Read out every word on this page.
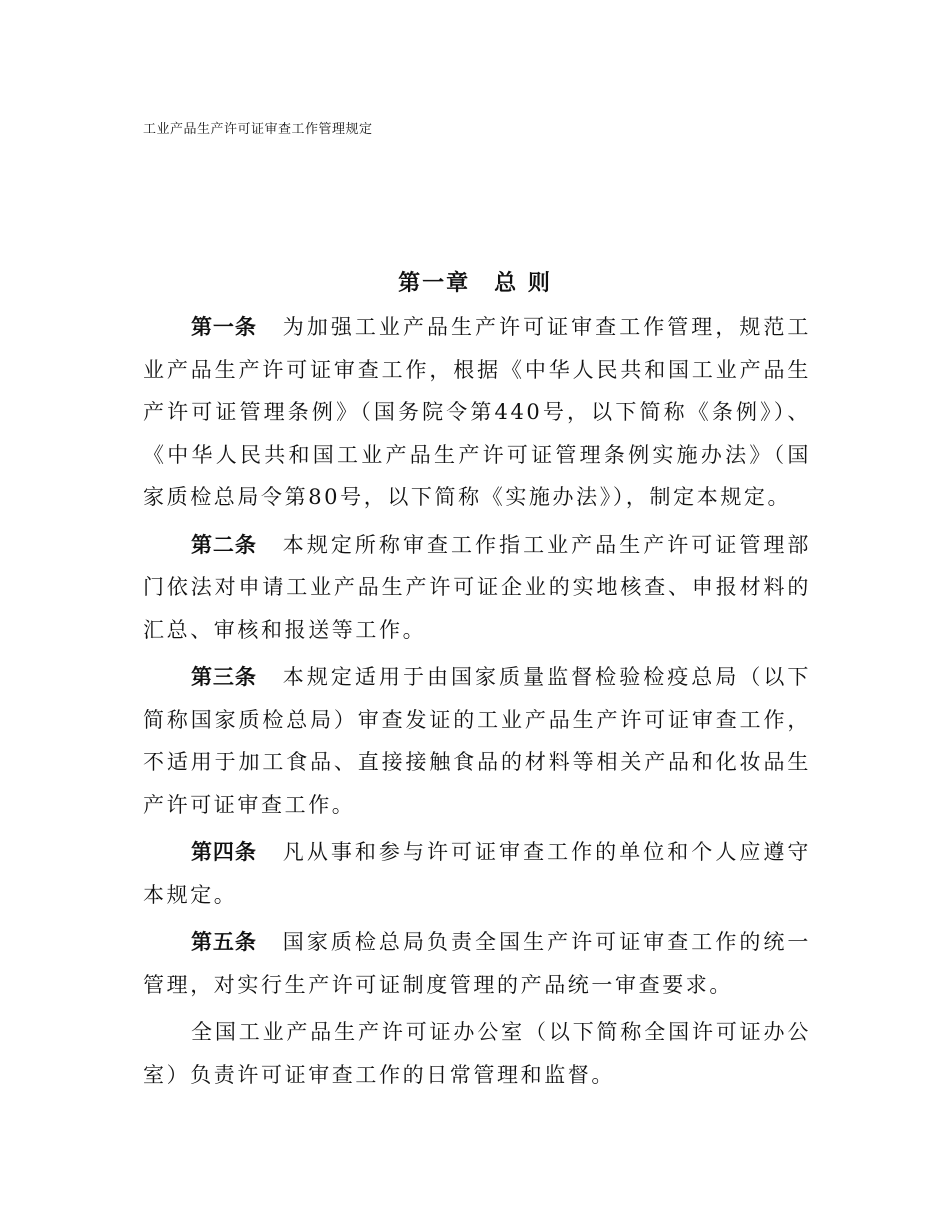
工业产品生产许可证审查工作管理规定
第一章　总 则

第一条 为加强工业产品生产许可证审查工作管理，规范工业产品生产许可证审查工作，根据《中华人民共和国工业产品生产许可证管理条例》（国务院令第440号，以下简称《条例》）、《中华人民共和国工业产品生产许可证管理条例实施办法》（国家质检总局令第80号，以下简称《实施办法》），制定本规定。

第二条 本规定所称审查工作指工业产品生产许可证管理部门依法对申请工业产品生产许可证企业的实地核查、申报材料的汇总、审核和报送等工作。

第三条 本规定适用于由国家质量监督检验检疫总局（以下简称国家质检总局）审查发证的工业产品生产许可证审查工作，不适用于加工食品、直接接触食品的材料等相关产品和化妆品生产许可证审查工作。

第四条 凡从事和参与许可证审查工作的单位和个人应遵守本规定。

第五条 国家质检总局负责全国生产许可证审查工作的统一管理，对实行生产许可证制度管理的产品统一审查要求。

全国工业产品生产许可证办公室（以下简称全国许可证办公室）负责许可证审查工作的日常管理和监督。
